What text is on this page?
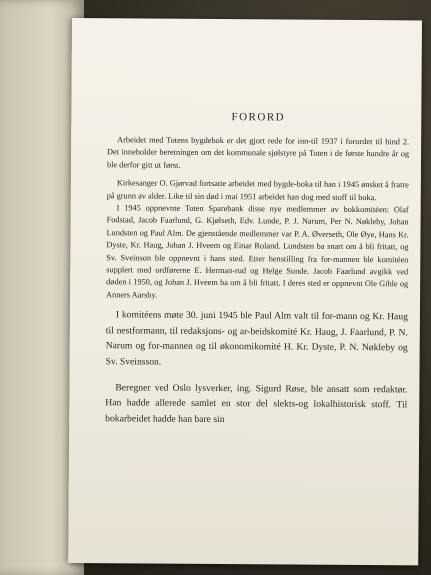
FORORD

Arbeidet med Totens bygdebok er det gjort rede for inn-til 1937 i forordet til bind 2. Det inneholder beretningen om det kommunale sjølstyre på Toten i de første hundre år og ble derfor gitt ut først.

Kirkesanger O. Gjørvad fortsatte arbeidet med bygde-boka til han i 1945 ønsket å fratre på grunn av alder. Like til sin død i mai 1951 arbeidet han dog med stoff til boka.

I 1945 oppnevnte Toten Sparebank disse nye medlemmer av bokkomitéen: Olaf Fodstad, Jacob Faarlund, G. Kjølseth, Edv. Lunde, P. J. Narum, Per N. Nøkleby, Johan Lundsten og Paul Alm. De gjenstående medlemmer var P. A. Øverseth, Ole Øye, Hans Kr. Dyste, Kr. Haug, Johan J. Hveem og Einar Roland. Lundsten ba snart om å bli fritatt, og Sv. Sveinson ble oppnevnt i hans sted. Etter henstilling fra for-mannen ble komitéen supplert med ordførerne E. Herman-rud og Helge Sunde. Jacob Faarlund avgikk ved døden i 1950, og Johan J. Hveem ba om å bli fritatt. I deres sted er oppnevnt Ole Gihle og Anners Aarsby.

I komitéens møte 30. juni 1945 ble Paul Alm valt til for-mann og Kr. Haug til nestformann, til redaksjons- og ar-beidskomité Kr. Haug, J. Faarlund, P. N. Narum og for-mannen og til økonomikomité H. Kr. Dyste, P. N. Nøkleby og Sv. Sveinsson.

Beregner ved Oslo lysverker, ing. Sigurd Røse, ble ansatt som redaktør. Han hadde allerede samlet en stor del slekts-og lokalhistorisk stoff. Til bokarbeidet hadde han bare sin
